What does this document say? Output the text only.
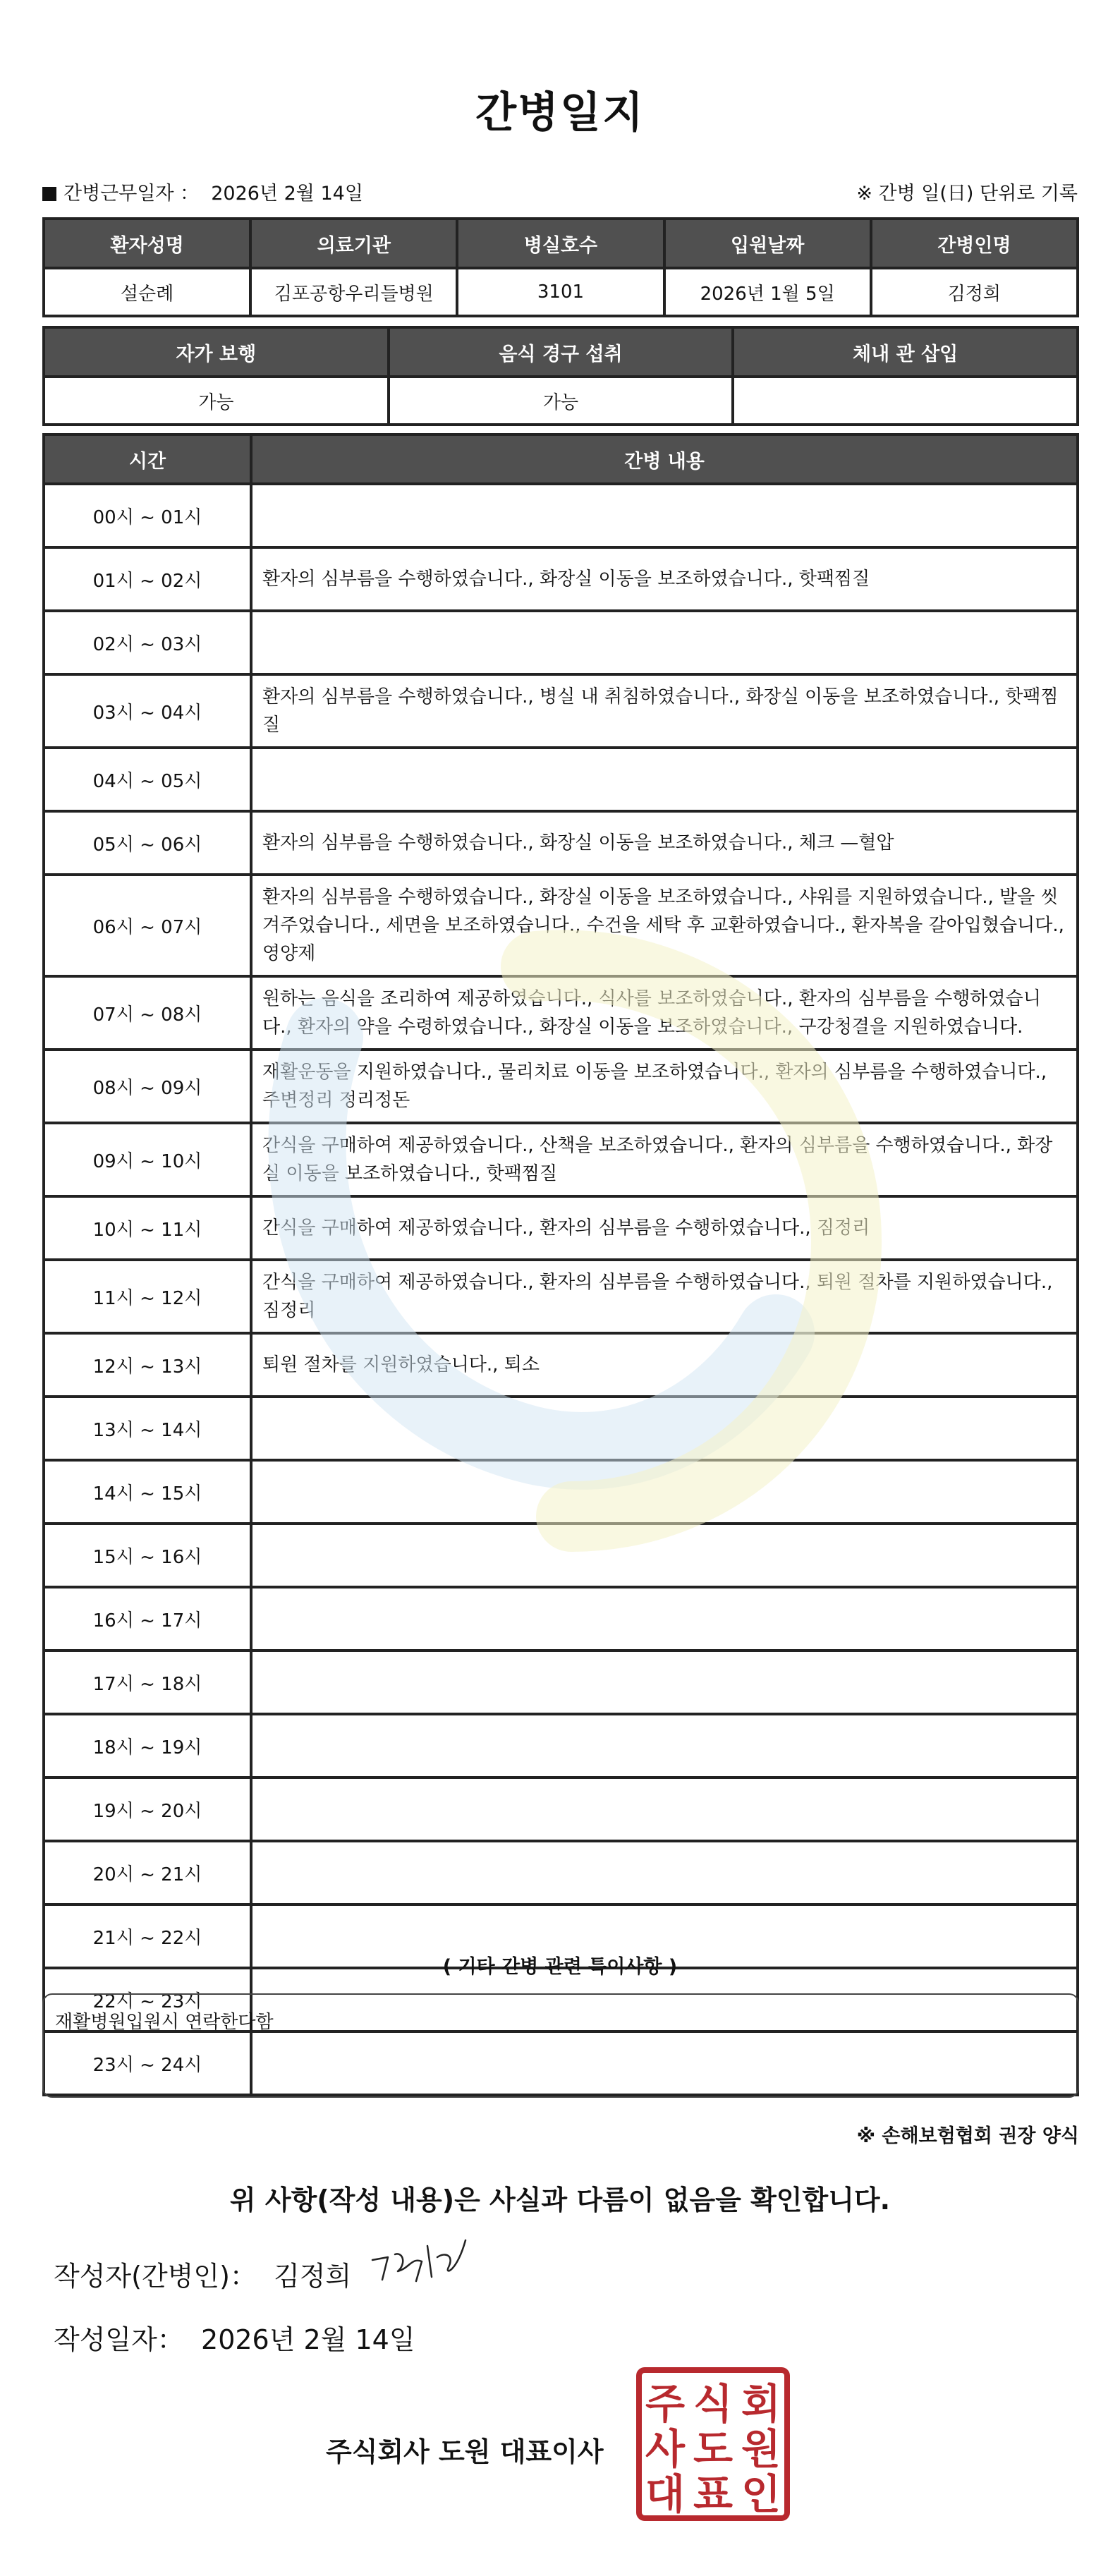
간병일지
간병근무일자 ： 2026년 2월 14일	※ 간병 일(日) 단위로 기록
환자성명	의료기관	병실호수	입원날짜	간병인명
설순례	김포공항우리들병원	3101	2026년 1월 5일	김정희
자가 보행	음식 경구 섭취	체내 관 삽입
가능	가능	
시간	간병 내용
00시 ~ 01시	
01시 ~ 02시	환자의 심부름을 수행하였습니다., 화장실 이동을 보조하였습니다., 핫팩찜질
02시 ~ 03시	
03시 ~ 04시	환자의 심부름을 수행하였습니다., 병실 내 취침하였습니다., 화장실 이동을 보조하였습니다., 핫팩찜질
04시 ~ 05시	
05시 ~ 06시	환자의 심부름을 수행하였습니다., 화장실 이동을 보조하였습니다., 체크 —혈압
06시 ~ 07시	환자의 심부름을 수행하였습니다., 화장실 이동을 보조하였습니다., 샤워를 지원하였습니다., 발을 씻겨주었습니다., 세면을 보조하였습니다., 수건을 세탁 후 교환하였습니다., 환자복을 갈아입혔습니다., 영양제
07시 ~ 08시	원하는 음식을 조리하여 제공하였습니다., 식사를 보조하였습니다., 환자의 심부름을 수행하였습니다., 환자의 약을 수령하였습니다., 화장실 이동을 보조하였습니다., 구강청결을 지원하였습니다.
08시 ~ 09시	재활운동을 지원하였습니다., 물리치료 이동을 보조하였습니다., 환자의 심부름을 수행하였습니다., 주변정리 정리정돈
09시 ~ 10시	간식을 구매하여 제공하였습니다., 산책을 보조하였습니다., 환자의 심부름을 수행하였습니다., 화장실 이동을 보조하였습니다., 핫팩찜질
10시 ~ 11시	간식을 구매하여 제공하였습니다., 환자의 심부름을 수행하였습니다., 짐정리
11시 ~ 12시	간식을 구매하여 제공하였습니다., 환자의 심부름을 수행하였습니다., 퇴원 절차를 지원하였습니다., 짐정리
12시 ~ 13시	퇴원 절차를 지원하였습니다., 퇴소
13시 ~ 14시	
14시 ~ 15시	
15시 ~ 16시	
16시 ~ 17시	
17시 ~ 18시	
18시 ~ 19시	
19시 ~ 20시	
20시 ~ 21시	
21시 ~ 22시	
22시 ~ 23시	
23시 ~ 24시	
( 기타 간병 관련 특이사항 )
재활병원입원시 연락한다함
※ 손해보험협회 권장 양식
위 사항(작성 내용)은 사실과 다름이 없음을 확인합니다.
작성자(간병인)： 김정희
작성일자： 2026년 2월 14일
주식회사 도원 대표이사
주 식 회
사 도 원
대 표 인
